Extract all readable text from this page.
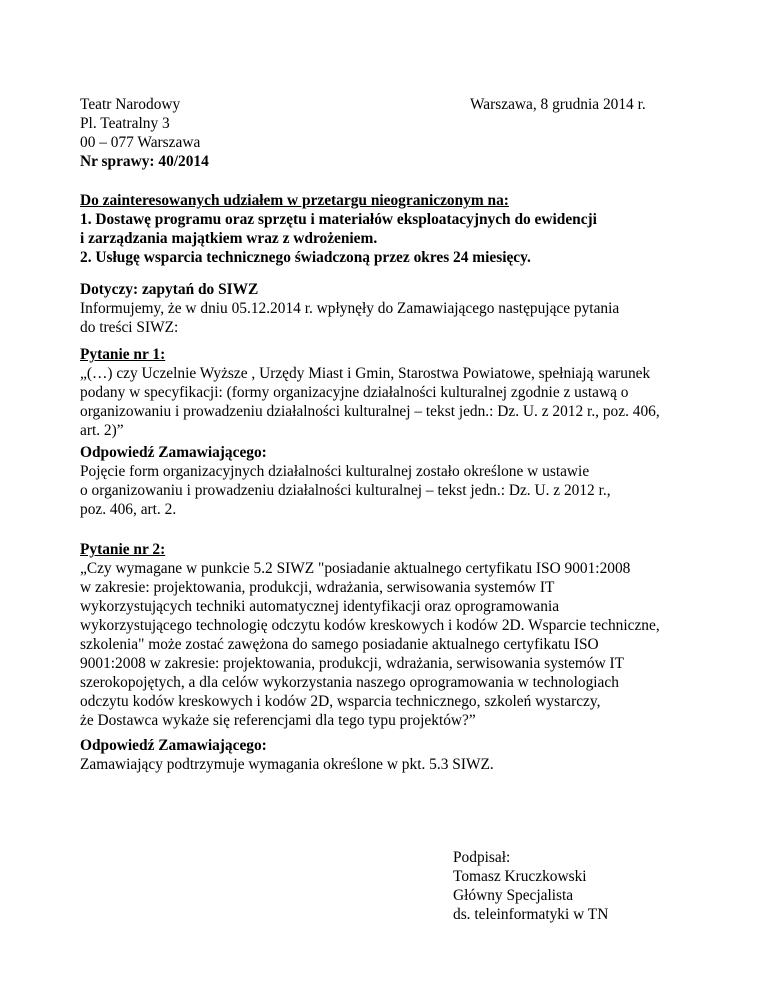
Teatr Narodowy
Pl. Teatralny 3
00 – 077 Warszawa
Nr sprawy: 40/2014
Warszawa, 8 grudnia 2014 r.
Do zainteresowanych udziałem w przetargu nieograniczonym na:
1. Dostawę programu oraz sprzętu i materiałów eksploatacyjnych do ewidencji
i zarządzania majątkiem wraz z wdrożeniem.
2. Usługę wsparcia technicznego świadczoną przez okres 24 miesięcy.
Dotyczy: zapytań do SIWZ
Informujemy, że w dniu 05.12.2014 r. wpłynęły do Zamawiającego następujące pytania
do treści SIWZ:
Pytanie nr 1:
„(…) czy Uczelnie Wyższe , Urzędy Miast i Gmin, Starostwa Powiatowe, spełniają warunek
podany w specyfikacji: (formy organizacyjne działalności kulturalnej zgodnie z ustawą o
organizowaniu i prowadzeniu działalności kulturalnej – tekst jedn.: Dz. U. z 2012 r., poz. 406,
art. 2)”
Odpowiedź Zamawiającego:
Pojęcie form organizacyjnych działalności kulturalnej zostało określone w ustawie
o organizowaniu i prowadzeniu działalności kulturalnej – tekst jedn.: Dz. U. z 2012 r.,
poz. 406, art. 2.
Pytanie nr 2:
„Czy wymagane w punkcie 5.2 SIWZ "posiadanie aktualnego certyfikatu ISO 9001:2008
w zakresie: projektowania, produkcji, wdrażania, serwisowania systemów IT
wykorzystujących techniki automatycznej identyfikacji oraz oprogramowania
wykorzystującego technologię odczytu kodów kreskowych i kodów 2D. Wsparcie techniczne,
szkolenia" może zostać zawężona do samego posiadanie aktualnego certyfikatu ISO
9001:2008 w zakresie: projektowania, produkcji, wdrażania, serwisowania systemów IT
szerokopojętych, a dla celów wykorzystania naszego oprogramowania w technologiach
odczytu kodów kreskowych i kodów 2D, wsparcia technicznego, szkoleń wystarczy,
że Dostawca wykaże się referencjami dla tego typu projektów?”
Odpowiedź Zamawiającego:
Zamawiający podtrzymuje wymagania określone w pkt. 5.3 SIWZ.
Podpisał:
Tomasz Kruczkowski
Główny Specjalista
ds. teleinformatyki w TN
